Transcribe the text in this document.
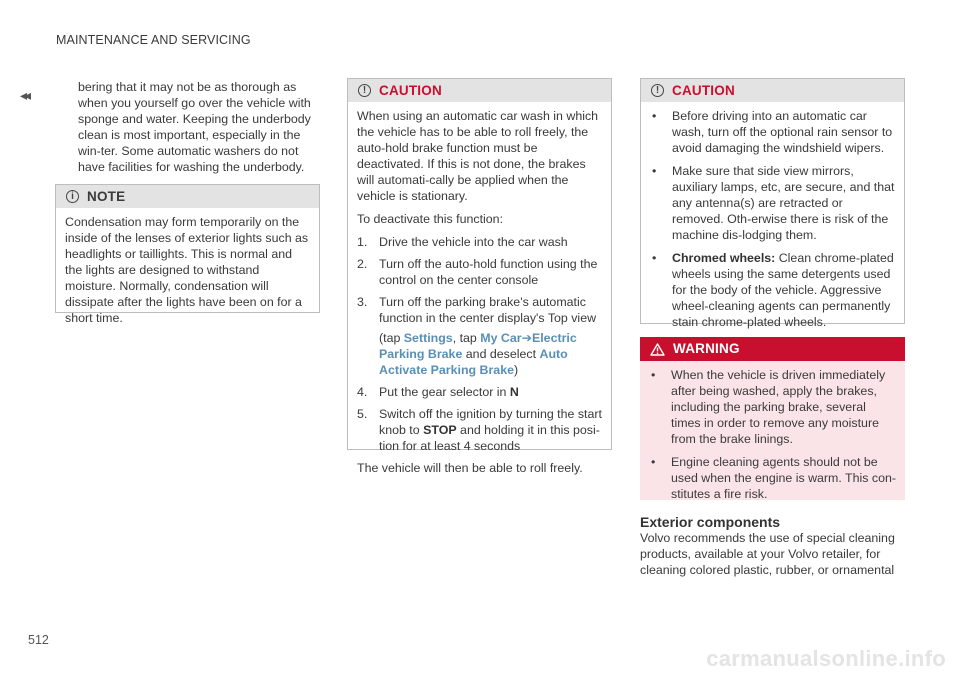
MAINTENANCE AND SERVICING
◂◂	bering that it may not be as thorough as when you yourself go over the vehicle with sponge and water. Keeping the underbody clean is most important, especially in the win-ter. Some automatic washers do not have facilities for washing the underbody.

i NOTE

Condensation may form temporarily on the inside of the lenses of exterior lights such as headlights or taillights. This is normal and the lights are designed to withstand moisture. Normally, condensation will dissipate after the lights have been on for a short time.

! CAUTION

When using an automatic car wash in which the vehicle has to be able to roll freely, the auto-hold brake function must be deactivated. If this is not done, the brakes will automati-cally be applied when the vehicle is stationary.

To deactivate this function:

1. Drive the vehicle into the car wash
2. Turn off the auto-hold function using the control on the center console
3. Turn off the parking brake's automatic function in the center display's Top view
(tap Settings, tap My Car➔Electric Parking Brake and deselect Auto Activate Parking Brake)
4. Put the gear selector in N
5. Switch off the ignition by turning the start knob to STOP and holding it in this posi-tion for at least 4 seconds

The vehicle will then be able to roll freely.

! CAUTION
•	Before driving into an automatic car wash, turn off the optional rain sensor to avoid damaging the windshield wipers.
•	Make sure that side view mirrors, auxiliary lamps, etc, are secure, and that any antenna(s) are retracted or removed. Oth-erwise there is risk of the machine dis-lodging them.
•	Chromed wheels: Clean chrome-plated wheels using the same detergents used for the body of the vehicle. Aggressive wheel-cleaning agents can permanently stain chrome-plated wheels.
WARNING
•	When the vehicle is driven immediately after being washed, apply the brakes, including the parking brake, several times in order to remove any moisture from the brake linings.
•	Engine cleaning agents should not be used when the engine is warm. This con-stitutes a fire risk.
Exterior components

Volvo recommends the use of special cleaning products, available at your Volvo retailer, for cleaning colored plastic, rubber, or ornamental

512
carmanualsonline.info
